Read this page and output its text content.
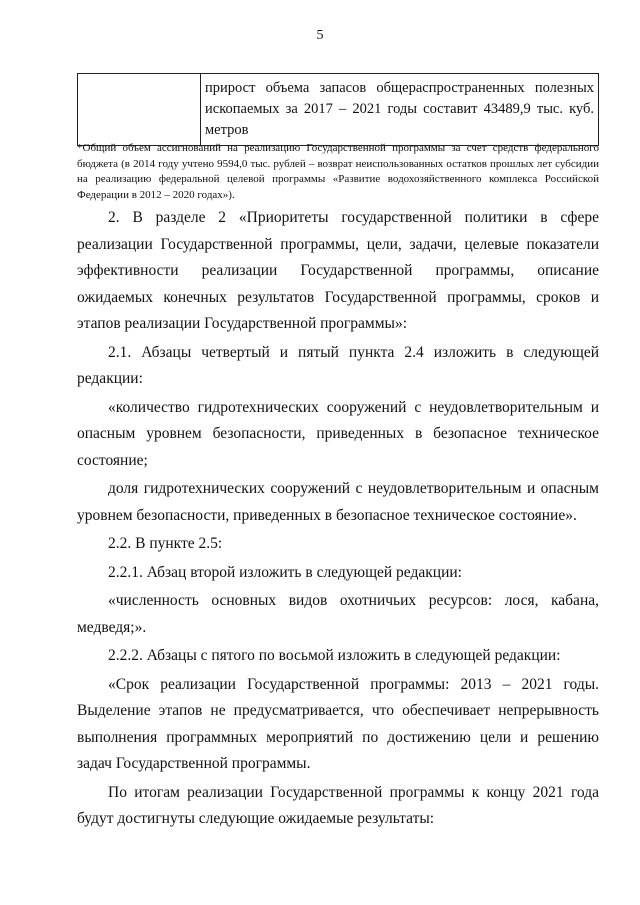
5
	прирост объема запасов общераспространенных полезных ископаемых за 2017 – 2021 годы составит 43489,9 тыс. куб. метров
*Общий объем ассигнований на реализацию Государственной программы за счет средств федерального бюджета (в 2014 году учтено 9594,0 тыс. рублей – возврат неиспользованных остатков прошлых лет субсидии на реализацию федеральной целевой программы «Развитие водохозяйственного комплекса Российской Федерации в 2012 – 2020 годах»).

2. В разделе 2 «Приоритеты государственной политики в сфере реализации Государственной программы, цели, задачи, целевые показатели эффективности реализации Государственной программы, описание ожидаемых конечных результатов Государственной программы, сроков и этапов реализации Государственной программы»:

2.1. Абзацы четвертый и пятый пункта 2.4 изложить в следующей редакции:

«количество гидротехнических сооружений с неудовлетворительным и опасным уровнем безопасности, приведенных в безопасное техническое состояние;

доля гидротехнических сооружений с неудовлетворительным и опасным уровнем безопасности, приведенных в безопасное техническое состояние».

2.2. В пункте 2.5:

2.2.1. Абзац второй изложить в следующей редакции:

«численность основных видов охотничьих ресурсов: лося, кабана, медведя;».

2.2.2. Абзацы с пятого по восьмой изложить в следующей редакции:

«Срок реализации Государственной программы: 2013 – 2021 годы. Выделение этапов не предусматривается, что обеспечивает непрерывность выполнения программных мероприятий по достижению цели и решению задач Государственной программы.

По итогам реализации Государственной программы к концу 2021 года будут достигнуты следующие ожидаемые результаты:
